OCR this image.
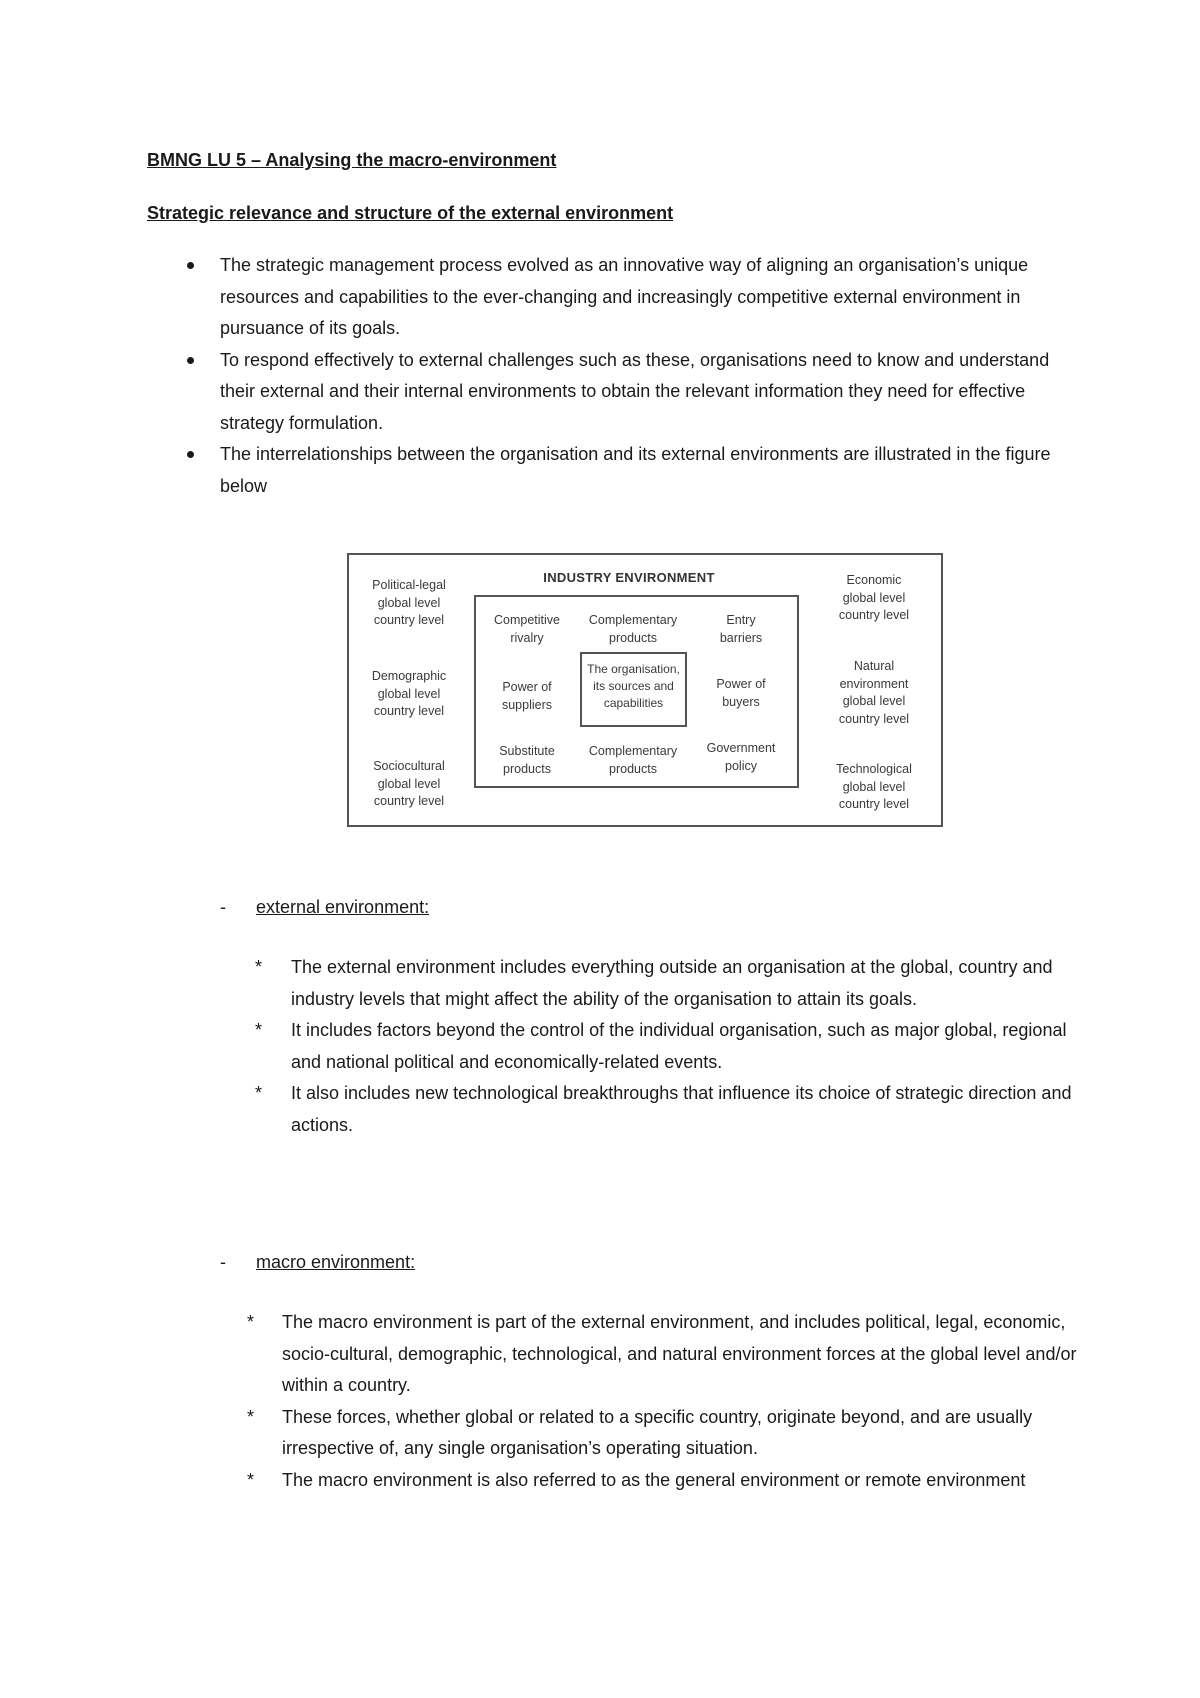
BMNG LU 5 – Analysing the macro-environment
Strategic relevance and structure of the external environment
The strategic management process evolved as an innovative way of aligning an organisation’s unique resources and capabilities to the ever-changing and increasingly competitive external environment in pursuance of its goals.
To respond effectively to external challenges such as these, organisations need to know and understand their external and their internal environments to obtain the relevant information they need for effective strategy formulation.
The interrelationships between the organisation and its external environments are illustrated in the figure below
INDUSTRY ENVIRONMENT
Political-legal
global level
country level
Demographic
global level
country level
Sociocultural
global level
country level
Economic
global level
country level
Natural
environment
global level
country level
Technological
global level
country level
Competitive
rivalry
Complementary
products
Entry
barriers
Power of
suppliers
Power of
buyers
Substitute
products
Complementary
products
Government
policy
The organisation,
its sources and
capabilities
- external environment:
* The external environment includes everything outside an organisation at the global, country and industry levels that might affect the ability of the organisation to attain its goals.
* It includes factors beyond the control of the individual organisation, such as major global, regional and national political and economically-related events.
* It also includes new technological breakthroughs that influence its choice of strategic direction and actions.
- macro environment:
* The macro environment is part of the external environment, and includes political, legal, economic, socio-cultural, demographic, technological, and natural environment forces at the global level and/or within a country.
* These forces, whether global or related to a specific country, originate beyond, and are usually irrespective of, any single organisation’s operating situation.
* The macro environment is also referred to as the general environment or remote environment
